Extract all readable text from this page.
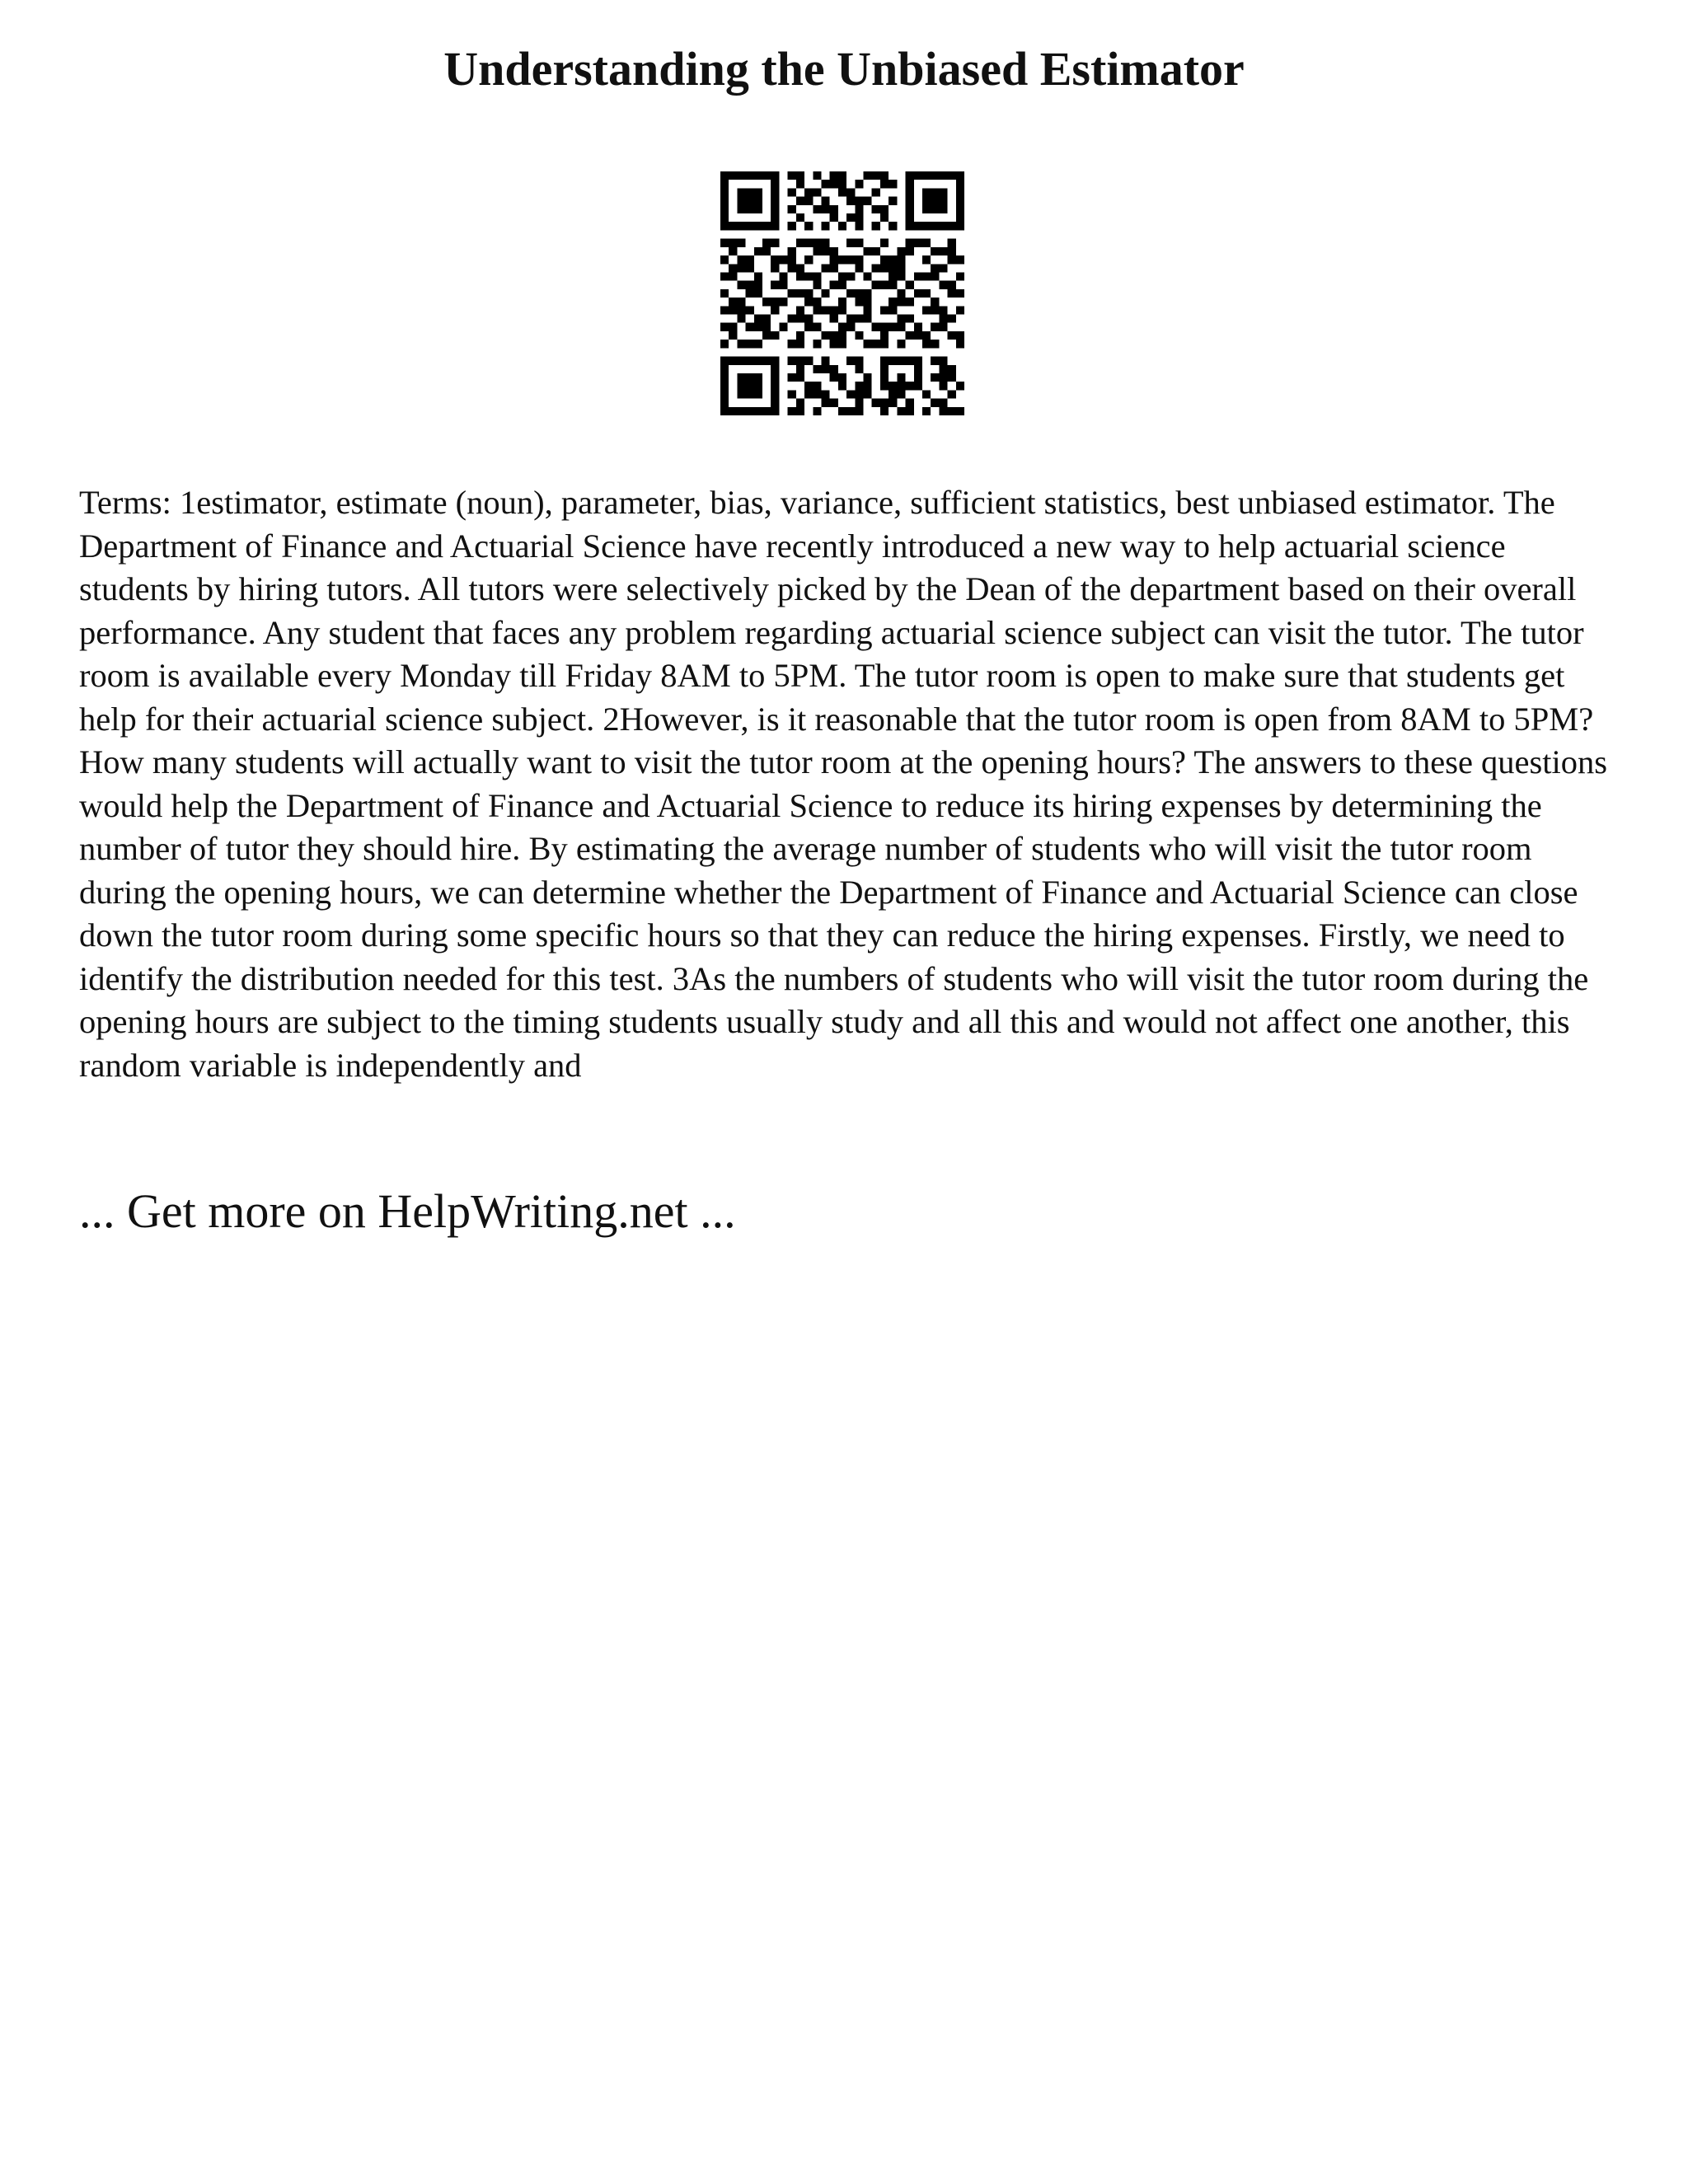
Understanding the Unbiased Estimator

Terms: 1estimator, estimate (noun), parameter, bias, variance, sufficient statistics, best unbiased estimator. The Department of Finance and Actuarial Science have recently introduced a new way to help actuarial science students by hiring tutors. All tutors were selectively picked by the Dean of the department based on their overall performance. Any student that faces any problem regarding actuarial science subject can visit the tutor. The tutor room is available every Monday till Friday 8AM to 5PM. The tutor room is open to make sure that students get help for their actuarial science subject. 2However, is it reasonable that the tutor room is open from 8AM to 5PM? How many students will actually want to visit the tutor room at the opening hours? The answers to these questions would help the Department of Finance and Actuarial Science to reduce its hiring expenses by determining the number of tutor they should hire. By estimating the average number of students who will visit the tutor room during the opening hours, we can determine whether the Department of Finance and Actuarial Science can close down the tutor room during some specific hours so that they can reduce the hiring expenses. Firstly, we need to identify the distribution needed for this test. 3As the numbers of students who will visit the tutor room during the opening hours are subject to the timing students usually study and all this and would not affect one another, this random variable is independently and

... Get more on HelpWriting.net ...
